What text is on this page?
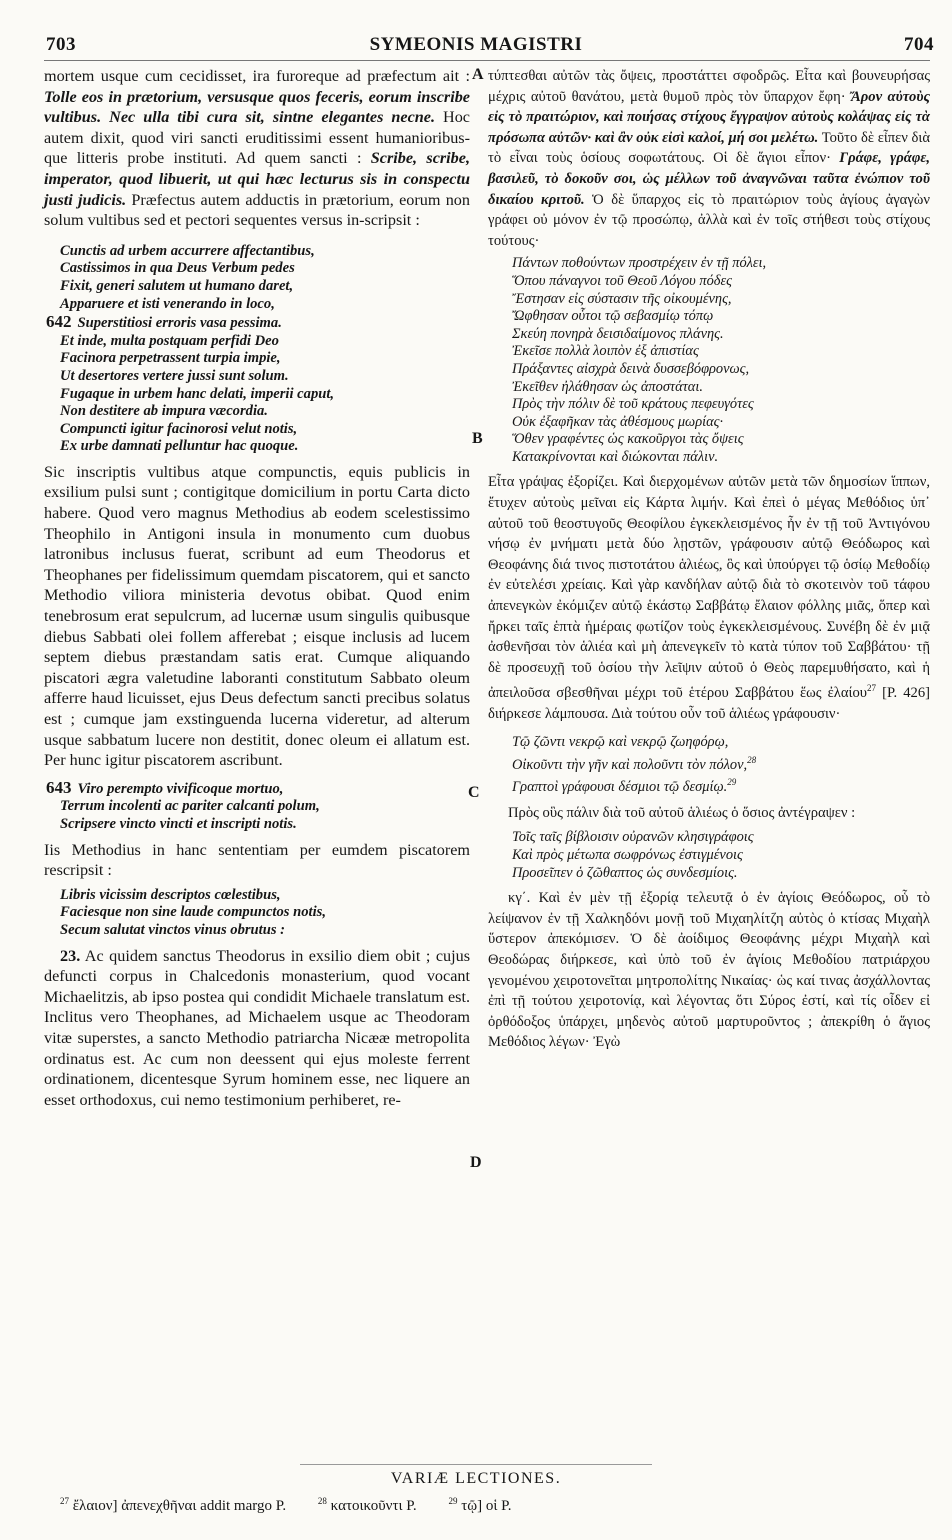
703	SYMEONIS MAGISTRI	704
A
B
C
D

mortem usque cum cecidisset, ira furoreque ad præfectum ait : Tolle eos in prætorium, versusque quos feceris, eorum inscribe vultibus. Nec ulla tibi cura sit, sintne elegantes necne. Hoc autem dixit, quod viri sancti eruditissimi essent humanioribus-que litteris probe instituti. Ad quem sancti : Scribe, scribe, imperator, quod libuerit, ut qui hæc lecturus sis in conspectu justi judicis. Præfectus autem adductis in prætorium, eorum non solum vultibus sed et pectori sequentes versus in-scripsit :

Cunctis ad urbem accurrere affectantibus,
Castissimos in qua Deus Verbum pedes
Fixit, generi salutem ut humano daret,
Apparuere et isti venerando in loco,
642 Superstitiosi erroris vasa pessima.
Et inde, multa postquam perfidi Deo
Facinora perpetrassent turpia impie,
Ut desertores vertere jussi sunt solum.
Fugaque in urbem hanc delati, imperii caput,
Non destitere ab impura væcordia.
Compuncti igitur facinorosi velut notis,
Ex urbe damnati pelluntur hac quoque.

Sic inscriptis vultibus atque compunctis, equis publicis in exsilium pulsi sunt ; contigitque domicilium in portu Carta dicto habere. Quod vero magnus Methodius ab eodem scelestissimo Theophilo in Antigoni insula in monumento cum duobus latronibus inclusus fuerat, scribunt ad eum Theodorus et Theophanes per fidelissimum quemdam piscatorem, qui et sancto Methodio viliora ministeria devotus obibat. Quod enim tenebrosum erat sepulcrum, ad lucernæ usum singulis quibusque diebus Sabbati olei follem afferebat ; eisque inclusis ad lucem septem diebus præstandam satis erat. Cumque aliquando piscatori ægra valetudine laboranti constitutum Sabbato oleum afferre haud licuisset, ejus Deus defectum sancti precibus solatus est ; cumque jam exstinguenda lucerna videretur, ad alterum usque sabbatum lucere non destitit, donec oleum ei allatum est. Per hunc igitur piscatorem ascribunt.

643 Viro perempto vivificoque mortuo,
Terrum incolenti ac pariter calcanti polum,
Scripsere vincto vincti et inscripti notis.

Iis Methodius in hanc sententiam per eumdem piscatorem rescripsit :

Libris vicissim descriptos cœlestibus,
Faciesque non sine laude compunctos notis,
Secum salutat vinctos vinus obrutus :

23. Ac quidem sanctus Theodorus in exsilio diem obit ; cujus defuncti corpus in Chalcedonis monasterium, quod vocant Michaelitzis, ab ipso postea qui condidit Michaele translatum est. Inclitus vero Theophanes, ad Michaelem usque ac Theodoram vitæ superstes, a sancto Methodio patriarcha Nicææ metropolita ordinatus est. Ac cum non deessent qui ejus moleste ferrent ordinationem, dicentesque Syrum hominem esse, nec liquere an esset orthodoxus, cui nemo testimonium perhiberet, re-

τύπτεσθαι αὐτῶν τὰς ὄψεις, προστάττει σφοδρῶς. Εἶτα καὶ βουνευρήσας μέχρις αὐτοῦ θανάτου, μετὰ θυμοῦ πρὸς τὸν ὕπαρχον ἔφη· Ἄρον αὐτοὺς εἰς τὸ πραιτώριον, καὶ ποιήσας στίχους ἔγγραψον αὐτοὺς κολάψας εἰς τὰ πρόσωπα αὐτῶν· καὶ ἂν οὐκ εἰσὶ καλοί, μή σοι μελέτω. Τοῦτο δὲ εἶπεν διὰ τὸ εἶναι τοὺς ὁσίους σοφωτάτους. Οἱ δὲ ἅγιοι εἶπον· Γράφε, γράφε, βασιλεῦ, τὸ δοκοῦν σοι, ὡς μέλλων τοῦ ἀναγνῶναι ταῦτα ἐνώπιον τοῦ δικαίου κριτοῦ. Ὁ δὲ ὕπαρχος εἰς τὸ πραιτώριον τοὺς ἁγίους ἀγαγὼν γράφει οὐ μόνον ἐν τῷ προσώπῳ, ἀλλὰ καὶ ἐν τοῖς στήθεσι τοὺς στίχους τούτους·

Πάντων ποθούντων προστρέχειν ἐν τῇ πόλει,
Ὅπου πάναγνοι τοῦ Θεοῦ Λόγου πόδες
Ἔστησαν εἰς σύστασιν τῆς οἰκουμένης,
Ὤφθησαν οὗτοι τῷ σεβασμίῳ τόπῳ
Σκεύη πονηρὰ δεισιδαίμονος πλάνης.
Ἐκεῖσε πολλὰ λοιπὸν ἐξ ἀπιστίας
Πράξαντες αἰσχρὰ δεινὰ δυσσεβόφρονως,
Ἐκεῖθεν ἠλάθησαν ὡς ἀποστάται.
Πρὸς τὴν πόλιν δὲ τοῦ κράτους πεφευγότες
Οὐκ ἐξαφῆκαν τὰς ἀθέσμους μωρίας·
Ὅθεν γραφέντες ὡς κακοῦργοι τὰς ὄψεις
Κατακρίνονται καὶ διώκονται πάλιν.

Εἶτα γράψας ἐξορίζει. Καὶ διερχομένων αὐτῶν μετὰ τῶν δημοσίων ἵππων, ἔτυχεν αὐτοὺς μεῖναι εἰς Κάρτα λιμήν. Καὶ ἐπεὶ ὁ μέγας Μεθόδιος ὑπ᾽ αὐτοῦ τοῦ θεοστυγοῦς Θεοφίλου ἐγκεκλεισμένος ἦν ἐν τῇ τοῦ Ἀντιγόνου νήσῳ ἐν μνήματι μετὰ δύο λῃστῶν, γράφουσιν αὐτῷ Θεόδωρος καὶ Θεοφάνης διά τινος πιστοτάτου ἁλιέως, ὃς καὶ ὑπούργει τῷ ὁσίῳ Μεθοδίῳ ἐν εὐτελέσι χρείαις. Καὶ γὰρ κανδήλαν αὐτῷ διὰ τὸ σκοτεινὸν τοῦ τάφου ἀπενεγκὼν ἐκόμιζεν αὐτῷ ἑκάστῳ Σαββάτῳ ἔλαιον φόλλης μιᾶς, ὅπερ καὶ ἤρκει ταῖς ἑπτὰ ἡμέραις φωτίζον τοὺς ἐγκεκλεισμένους. Συνέβη δὲ ἐν μιᾷ ἀσθενῆσαι τὸν ἁλιέα καὶ μὴ ἀπενεγκεῖν τὸ κατὰ τύπον τοῦ Σαββάτου· τῇ δὲ προσευχῇ τοῦ ὁσίου τὴν λεῖψιν αὐτοῦ ὁ Θεὸς παρεμυθήσατο, καὶ ἡ ἀπειλοῦσα σβεσθῆναι μέχρι τοῦ ἑτέρου Σαββάτου ἕως ἐλαίου$^{27}$ [P. 426] διήρκεσε λάμπουσα. Διὰ τούτου οὖν τοῦ ἁλιέως γράφουσιν·

Τῷ ζῶντι νεκρῷ καὶ νεκρῷ ζωηφόρῳ,
Οἰκοῦντι τὴν γῆν καὶ πολοῦντι τὸν πόλον,$^{28}$
Γραπτοὶ γράφουσι δέσμιοι τῷ δεσμίῳ.$^{29}$

Πρὸς οὓς πάλιν διὰ τοῦ αὐτοῦ ἁλιέως ὁ ὅσιος ἀντέγραψεν :

Τοῖς ταῖς βίβλοισιν οὐρανῶν κλησιγράφοις
Καὶ πρὸς μέτωπα σωφρόνως ἐστιγμένοις
Προσεῖπεν ὁ ζῶθαπτος ὡς συνδεσμίοις.

κγ΄. Καὶ ἐν μὲν τῇ ἐξορίᾳ τελευτᾷ ὁ ἐν ἁγίοις Θεόδωρος, οὗ τὸ λείψανον ἐν τῇ Χαλκηδόνι μονῇ τοῦ Μιχαηλίτζη αὐτὸς ὁ κτίσας Μιχαὴλ ὕστερον ἀπεκόμισεν. Ὁ δὲ ἀοίδιμος Θεοφάνης μέχρι Μιχαὴλ καὶ Θεοδώρας διήρκεσε, καὶ ὑπὸ τοῦ ἐν ἁγίοις Μεθοδίου πατριάρχου γενομένου χειροτονεῖται μητροπολίτης Νικαίας· ὡς καί τινας ἀσχάλλοντας ἐπὶ τῇ τούτου χειροτονίᾳ, καὶ λέγοντας ὅτι Σύρος ἐστί, καὶ τίς οἶδεν εἰ ὀρθόδοξος ὑπάρχει, μηδενὸς αὐτοῦ μαρτυροῦντος ; ἀπεκρίθη ὁ ἅγιος Μεθόδιος λέγων· Ἐγὼ

VARIÆ LECTIONES.
$^{27}$ ἔλαιον] ἀπενεχθῆναι addit margo P.	$^{28}$ κατοικοῦντι P.	$^{29}$ τῷ] οἱ P.
